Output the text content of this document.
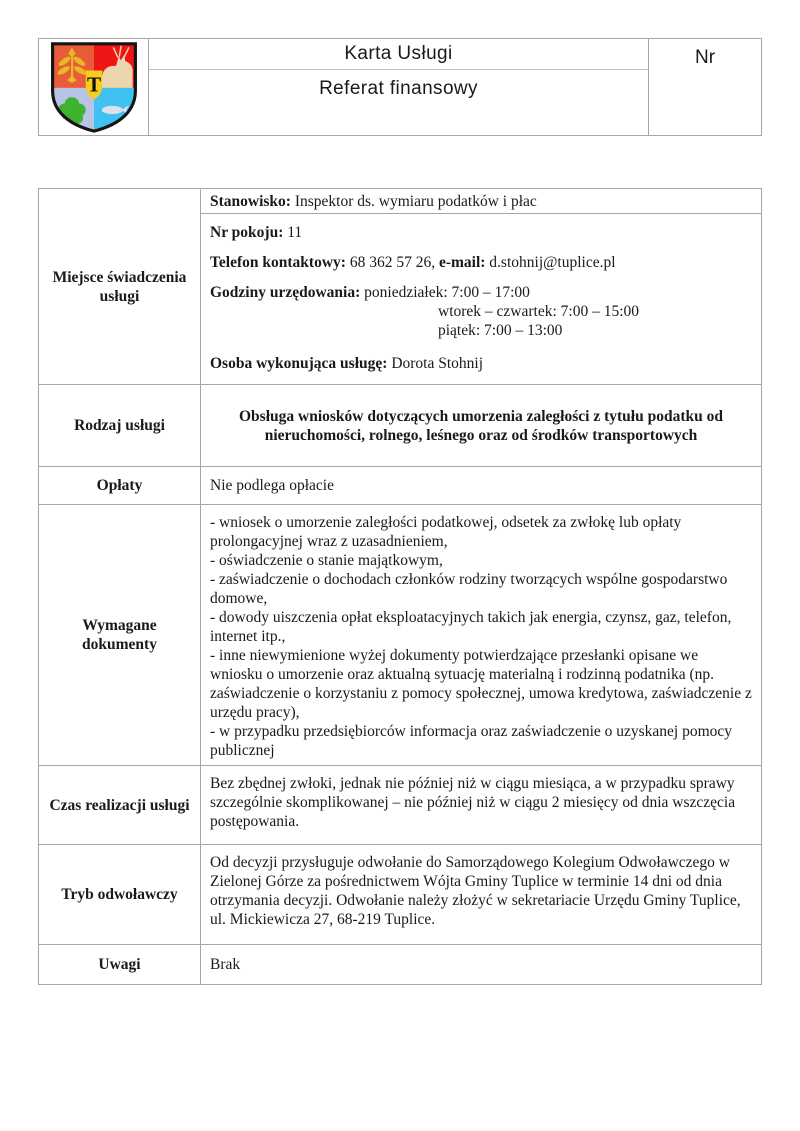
T
Karta Usługi
Referat finansowy
Nr
Miejsce świadczenia usługi
Stanowisko: Inspektor ds. wymiaru podatków i płac

Nr pokoju: 11

Telefon kontaktowy: 68 362 57 26, e-mail: d.stohnij@tuplice.pl

Godziny urzędowania: poniedziałek: 7:00 – 17:00

wtorek – czwartek: 7:00 – 15:00

piątek: 7:00 – 13:00

Osoba wykonująca usługę: Dorota Stohnij

Rodzaj usługi
Obsługa wniosków dotyczących umorzenia zaległości z tytułu podatku od nieruchomości, rolnego, leśnego oraz od środków transportowych
Opłaty	Nie podlega opłacie
Wymagane dokumenty

- wniosek o umorzenie zaległości podatkowej, odsetek za zwłokę lub opłaty prolongacyjnej wraz z uzasadnieniem,

- oświadczenie o stanie majątkowym,

- zaświadczenie o dochodach członków rodziny tworzących wspólne gospodarstwo domowe,

- dowody uiszczenia opłat eksploatacyjnych takich jak energia, czynsz, gaz, telefon, internet itp.,

- inne niewymienione wyżej dokumenty potwierdzające przesłanki opisane we wniosku o umorzenie oraz aktualną sytuację materialną i rodzinną podatnika (np. zaświadczenie o korzystaniu z pomocy społecznej, umowa kredytowa, zaświadczenie z urzędu pracy),

- w przypadku przedsiębiorców informacja oraz zaświadczenie o uzyskanej pomocy publicznej

Czas realizacji usługi
Bez zbędnej zwłoki, jednak nie później niż w ciągu miesiąca, a w przypadku sprawy szczególnie skomplikowanej – nie później niż w ciągu 2 miesięcy od dnia wszczęcia postępowania.
Tryb odwoławczy
Od decyzji przysługuje odwołanie do Samorządowego Kolegium Odwoławczego w Zielonej Górze za pośrednictwem Wójta Gminy Tuplice w terminie 14 dni od dnia otrzymania decyzji. Odwołanie należy złożyć w sekretariacie Urzędu Gminy Tuplice, ul. Mickiewicza 27, 68-219 Tuplice.
Uwagi	Brak
